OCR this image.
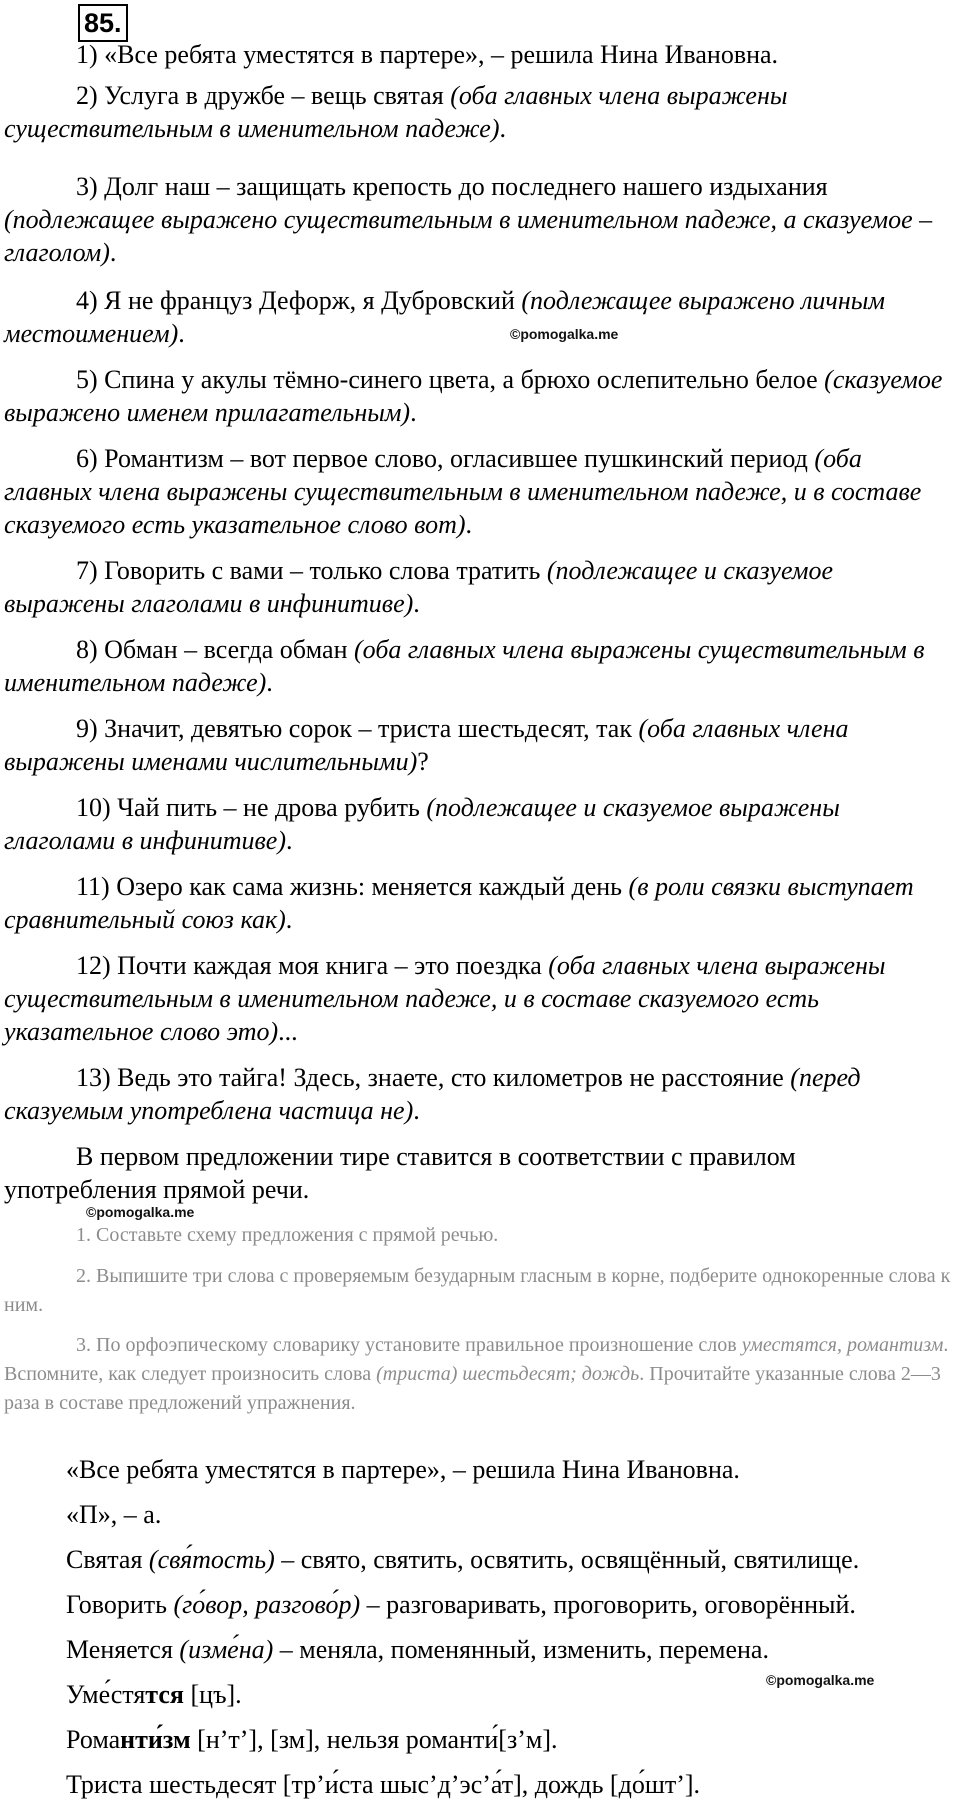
85.

1) «Все ребята уместятся в партере», – решила Нина Ивановна.

2) Услуга в дружбе – вещь святая (оба главных члена выражены существительным в именительном падеже).

3) Долг наш – защищать крепость до последнего нашего издыхания (подлежащее выражено существительным в именительном падеже, а сказуемое – глаголом).

4) Я не француз Дефорж, я Дубровский (подлежащее выражено личным местоимением).

5) Спина у акулы тёмно-синего цвета, а брюхо ослепительно белое (сказуемое выражено именем прилагательным).

6) Романтизм – вот первое слово, огласившее пушкинский период (оба главных члена выражены существительным в именительном падеже, и в составе сказуемого есть указательное слово вот).

7) Говорить с вами – только слова тратить (подлежащее и сказуемое выражены глаголами в инфинитиве).

8) Обман – всегда обман (оба главных члена выражены существительным в именительном падеже).

9) Значит, девятью сорок – триста шестьдесят, так (оба главных члена выражены именами числительными)?

10) Чай пить – не дрова рубить (подлежащее и сказуемое выражены глаголами в инфинитиве).

11) Озеро как сама жизнь: меняется каждый день (в роли связки выступает сравнительный союз как).

12) Почти каждая моя книга – это поездка (оба главных члена выражены существительным в именительном падеже, и в составе сказуемого есть указательное слово это)...

13) Ведь это тайга! Здесь, знаете, сто километров не расстояние (перед сказуемым употреблена частица не).

В первом предложении тире ставится в соответствии с правилом употребления прямой речи.

©pomogalka.me
©pomogalka.me
©pomogalka.me

1. Составьте схему предложения с прямой речью.

2. Выпишите три слова с проверяемым безударным гласным в корне, подберите однокоренные слова к ним.

3. По орфоэпическому словарику установите правильное произношение слов уместятся, романтизм. Вспомните, как следует произносить слова (триста) шестьдесят; дождь. Прочитайте указанные слова 2—3 раза в составе предложений упражнения.

«Все ребята уместятся в партере», – решила Нина Ивановна.

«П», – а.

Святая (святость) – свято, святить, освятить, освящённый, святилище.

Говорить (го́вор, разгово́р) – разговаривать, проговорить, оговорённый.

Меняется (измена) – меняла, поменянный, изменить, перемена.

Уме́стятся [цъ].

Романти́зм [н’т’], [зм], нельзя романти́[з’м].

Триста шестьдесят [тр’и́ста шыс’д’эс’а́т], дождь [до́шт’].
